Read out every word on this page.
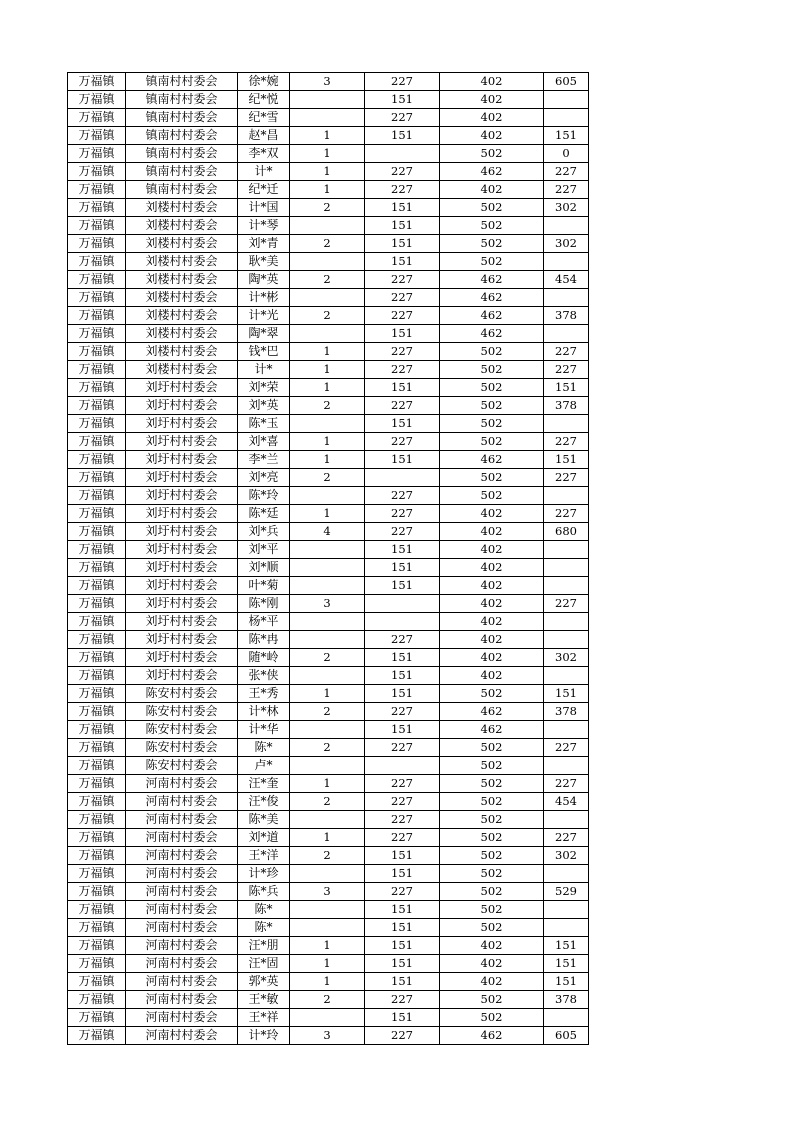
万福镇	镇南村村委会	徐*婉	3	227	402	605
万福镇	镇南村村委会	纪*悦		151	402	
万福镇	镇南村村委会	纪*雪		227	402	
万福镇	镇南村村委会	赵*昌	1	151	402	151
万福镇	镇南村村委会	李*双	1		502	0
万福镇	镇南村村委会	计*	1	227	462	227
万福镇	镇南村村委会	纪*迁	1	227	402	227
万福镇	刘楼村村委会	计*国	2	151	502	302
万福镇	刘楼村村委会	计*琴		151	502	
万福镇	刘楼村村委会	刘*青	2	151	502	302
万福镇	刘楼村村委会	耿*美		151	502	
万福镇	刘楼村村委会	陶*英	2	227	462	454
万福镇	刘楼村村委会	计*彬		227	462	
万福镇	刘楼村村委会	计*光	2	227	462	378
万福镇	刘楼村村委会	陶*翠		151	462	
万福镇	刘楼村村委会	钱*巴	1	227	502	227
万福镇	刘楼村村委会	计*	1	227	502	227
万福镇	刘圩村村委会	刘*荣	1	151	502	151
万福镇	刘圩村村委会	刘*英	2	227	502	378
万福镇	刘圩村村委会	陈*玉		151	502	
万福镇	刘圩村村委会	刘*喜	1	227	502	227
万福镇	刘圩村村委会	李*兰	1	151	462	151
万福镇	刘圩村村委会	刘*亮	2		502	227
万福镇	刘圩村村委会	陈*玲		227	502	
万福镇	刘圩村村委会	陈*廷	1	227	402	227
万福镇	刘圩村村委会	刘*兵	4	227	402	680
万福镇	刘圩村村委会	刘*平		151	402	
万福镇	刘圩村村委会	刘*顺		151	402	
万福镇	刘圩村村委会	叶*菊		151	402	
万福镇	刘圩村村委会	陈*刚	3		402	227
万福镇	刘圩村村委会	杨*平			402	
万福镇	刘圩村村委会	陈*冉		227	402	
万福镇	刘圩村村委会	随*岭	2	151	402	302
万福镇	刘圩村村委会	张*侠		151	402	
万福镇	陈安村村委会	王*秀	1	151	502	151
万福镇	陈安村村委会	计*林	2	227	462	378
万福镇	陈安村村委会	计*华		151	462	
万福镇	陈安村村委会	陈*	2	227	502	227
万福镇	陈安村村委会	卢*			502	
万福镇	河南村村委会	汪*奎	1	227	502	227
万福镇	河南村村委会	汪*俊	2	227	502	454
万福镇	河南村村委会	陈*美		227	502	
万福镇	河南村村委会	刘*道	1	227	502	227
万福镇	河南村村委会	王*洋	2	151	502	302
万福镇	河南村村委会	计*珍		151	502	
万福镇	河南村村委会	陈*兵	3	227	502	529
万福镇	河南村村委会	陈*		151	502	
万福镇	河南村村委会	陈*		151	502	
万福镇	河南村村委会	汪*朋	1	151	402	151
万福镇	河南村村委会	汪*固	1	151	402	151
万福镇	河南村村委会	郭*英	1	151	402	151
万福镇	河南村村委会	王*敏	2	227	502	378
万福镇	河南村村委会	王*祥		151	502	
万福镇	河南村村委会	计*玲	3	227	462	605
